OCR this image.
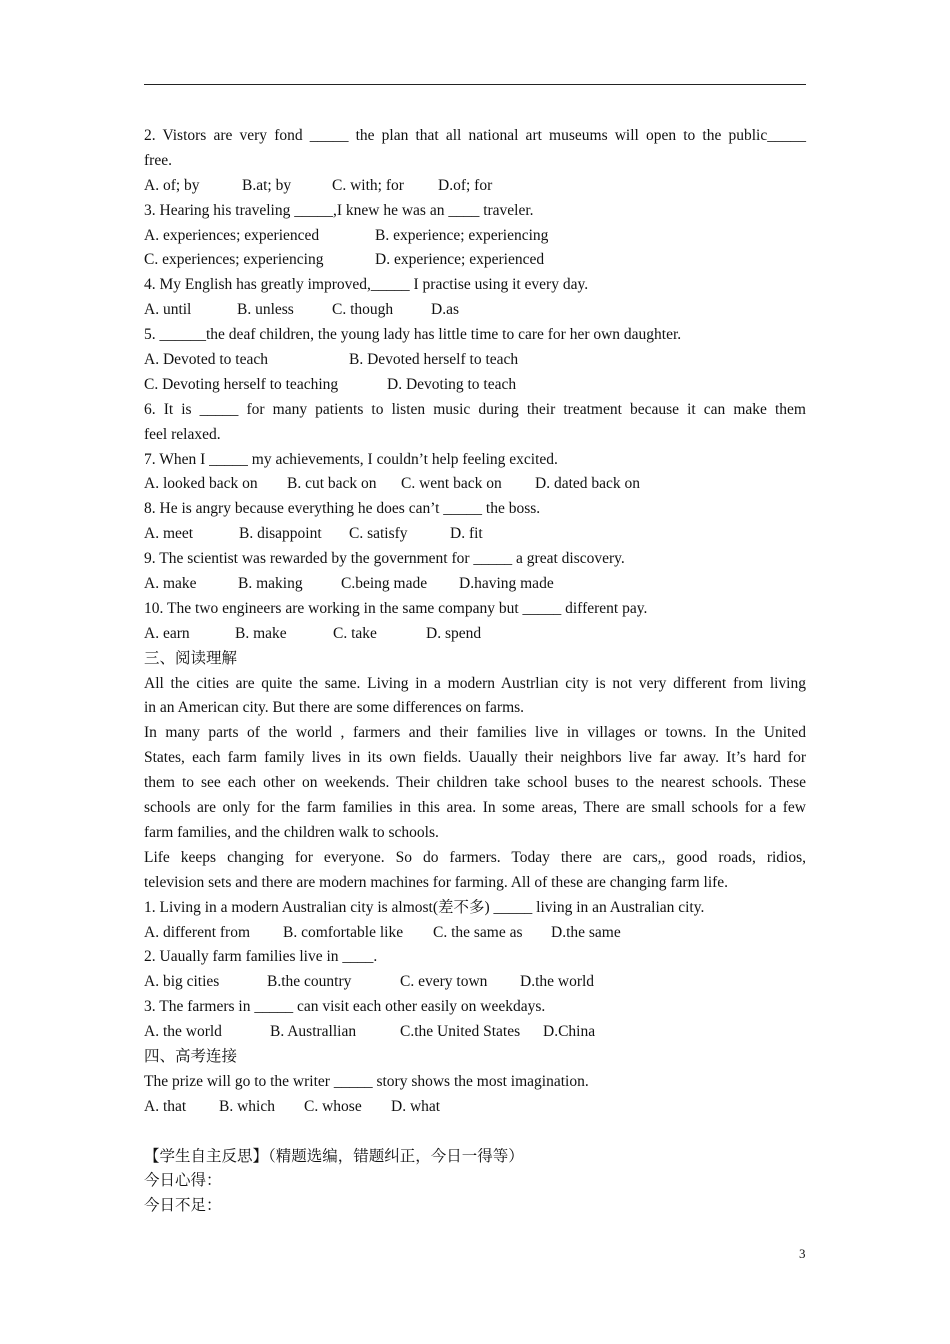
2. Vistors are very fond _____ the plan that all national art museums will open to the public_____
free.
A. of; by	B.at; by	C. with; for D.of; for
3. Hearing his traveling _____,I knew he was an ____ traveler.
A. experiences; experienced	B. experience; experiencing
C. experiences; experiencing	D. experience; experienced
4. My English has greatly improved,_____ I practise using it every day.
A. until	B. unless C. though D.as
5. ______the deaf children, the young lady has little time to care for her own daughter.
A. Devoted to teach	B. Devoted herself to teach
C. Devoting herself to teaching	D. Devoting to teach
6. It is _____ for many patients to listen music during their treatment because it can make them
feel relaxed.
7. When I _____ my achievements, I couldn’t help feeling excited.
A. looked back on B. cut back on C. went back on D. dated back on
8. He is angry because everything he does can’t _____ the boss.
A. meet	B. disappoint C. satisfy	D. fit
9. The scientist was rewarded by the government for _____ a great discovery.
A. make	B. making C.being made D.having made
10. The two engineers are working in the same company but _____ different pay.
A. earn	B. make	C. take	D. spend
三、阅读理解
All the cities are quite the same. Living in a modern Austrlian city is not very different from living
in an American city. But there are some differences on farms.
In many parts of the world , farmers and their families live in villages or towns. In the United
States, each farm family lives in its own fields. Uaually their neighbors live far away. It’s hard for
them to see each other on weekends. Their children take school buses to the nearest schools. These
schools are only for the farm families in this area. In some areas, There are small schools for a few
farm families, and the children walk to schools.
Life keeps changing for everyone. So do farmers. Today there are cars,, good roads, ridios,
television sets and there are modern machines for farming. All of these are changing farm life.
1. Living in a modern Australian city is almost(差不多) _____ living in an Australian city.
A. different from B. comfortable like C. the same as D.the same
2. Uaually farm families live in ____.
A. big cities	B.the country	C. every town D.the world
3. The farmers in _____ can visit each other easily on weekdays.
A. the world	B. Australlian	C.the United States D.China
四、高考连接
The prize will go to the writer _____ story shows the most imagination.
A. that B. which C. whose D. what
【学生自主反思】（精题选编，错题纠正，今日一得等）
今日心得：
今日不足：
3
